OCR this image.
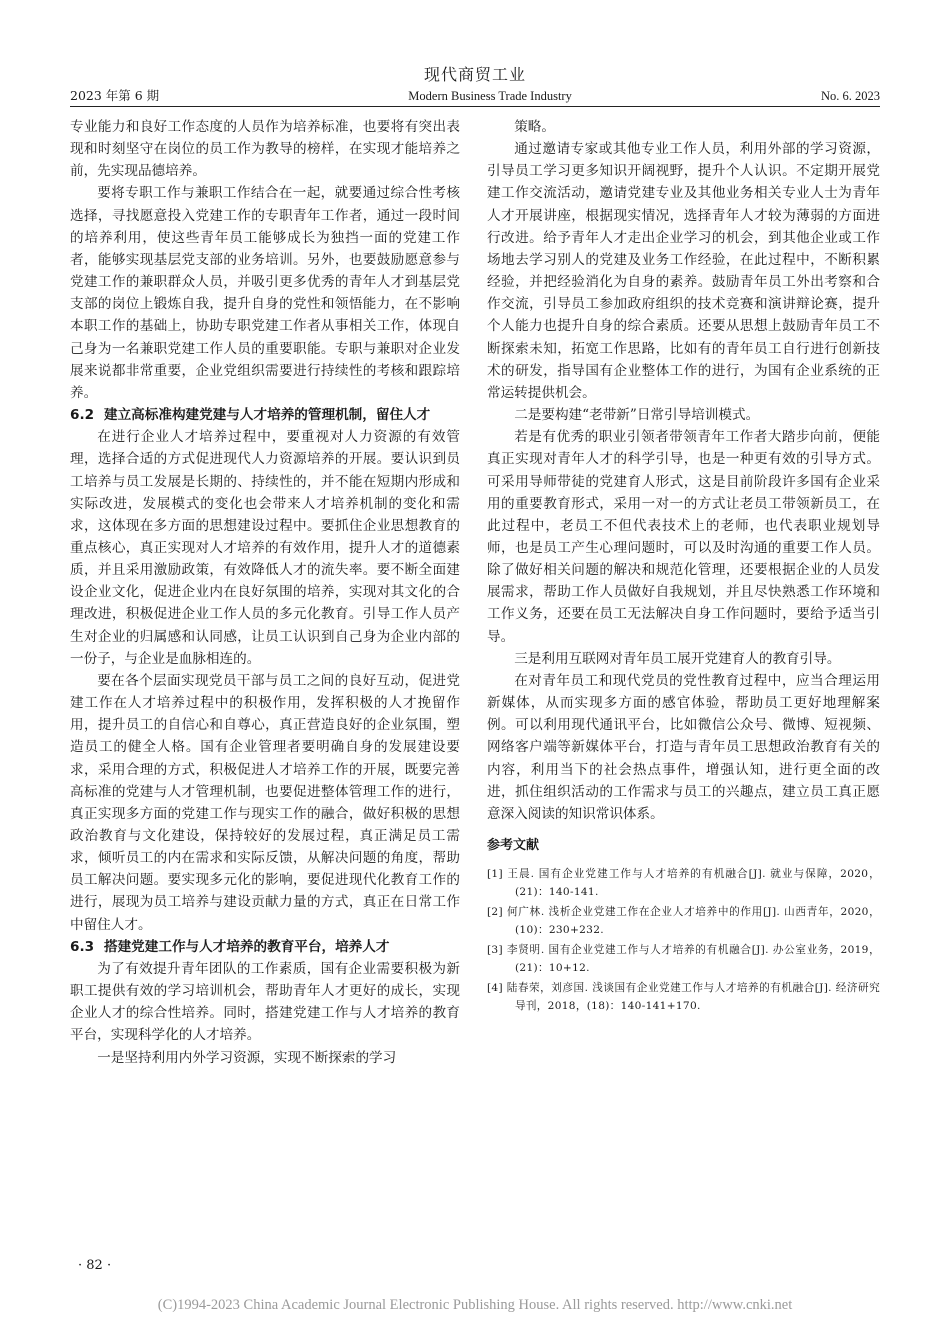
现代商贸工业
2023 年第 6 期	Modern Business Trade Industry	No. 6. 2023

专业能力和良好工作态度的人员作为培养标准，也要将有突出表现和时刻坚守在岗位的员工作为教导的榜样，在实现才能培养之前，先实现品德培养。

要将专职工作与兼职工作结合在一起，就要通过综合性考核选择，寻找愿意投入党建工作的专职青年工作者，通过一段时间的培养利用，使这些青年员工能够成长为独挡一面的党建工作者，能够实现基层党支部的业务培训。另外，也要鼓励愿意参与党建工作的兼职群众人员，并吸引更多优秀的青年人才到基层党支部的岗位上锻炼自我，提升自身的党性和领悟能力，在不影响本职工作的基础上，协助专职党建工作者从事相关工作，体现自己身为一名兼职党建工作人员的重要职能。专职与兼职对企业发展来说都非常重要，企业党组织需要进行持续性的考核和跟踪培养。

6.2 建立高标准构建党建与人才培养的管理机制，留住人才

在进行企业人才培养过程中，要重视对人力资源的有效管理，选择合适的方式促进现代人力资源培养的开展。要认识到员工培养与员工发展是长期的、持续性的，并不能在短期内形成和实际改进，发展模式的变化也会带来人才培养机制的变化和需求，这体现在多方面的思想建设过程中。要抓住企业思想教育的重点核心，真正实现对人才培养的有效作用，提升人才的道德素质，并且采用激励政策，有效降低人才的流失率。要不断全面建设企业文化，促进企业内在良好氛围的培养，实现对其文化的合理改进，积极促进企业工作人员的多元化教育。引导工作人员产生对企业的归属感和认同感，让员工认识到自己身为企业内部的一份子，与企业是血脉相连的。

要在各个层面实现党员干部与员工之间的良好互动，促进党建工作在人才培养过程中的积极作用，发挥积极的人才挽留作用，提升员工的自信心和自尊心，真正营造良好的企业氛围，塑造员工的健全人格。国有企业管理者要明确自身的发展建设要求，采用合理的方式，积极促进人才培养工作的开展，既要完善高标准的党建与人才管理机制，也要促进整体管理工作的进行，真正实现多方面的党建工作与现实工作的融合，做好积极的思想政治教育与文化建设，保持较好的发展过程，真正满足员工需求，倾听员工的内在需求和实际反馈，从解决问题的角度，帮助员工解决问题。要实现多元化的影响，要促进现代化教育工作的进行，展现为员工培养与建设贡献力量的方式，真正在日常工作中留住人才。

6.3 搭建党建工作与人才培养的教育平台，培养人才

为了有效提升青年团队的工作素质，国有企业需要积极为新职工提供有效的学习培训机会，帮助青年人才更好的成长，实现企业人才的综合性培养。同时，搭建党建工作与人才培养的教育平台，实现科学化的人才培养。

一是坚持利用内外学习资源，实现不断探索的学习

策略。

通过邀请专家或其他专业工作人员，利用外部的学习资源，引导员工学习更多知识开阔视野，提升个人认识。不定期开展党建工作交流活动，邀请党建专业及其他业务相关专业人士为青年人才开展讲座，根据现实情况，选择青年人才较为薄弱的方面进行改进。给予青年人才走出企业学习的机会，到其他企业或工作场地去学习别人的党建及业务工作经验，在此过程中，不断积累经验，并把经验消化为自身的素养。鼓励青年员工外出考察和合作交流，引导员工参加政府组织的技术竞赛和演讲辩论赛，提升个人能力也提升自身的综合素质。还要从思想上鼓励青年员工不断探索未知，拓宽工作思路，比如有的青年员工自行进行创新技术的研发，指导国有企业整体工作的进行，为国有企业系统的正常运转提供机会。

二是要构建“老带新”日常引导培训模式。

若是有优秀的职业引领者带领青年工作者大踏步向前，便能真正实现对青年人才的科学引导，也是一种更有效的引导方式。可采用导师带徒的党建育人形式，这是目前阶段许多国有企业采用的重要教育形式，采用一对一的方式让老员工带领新员工，在此过程中，老员工不但代表技术上的老师，也代表职业规划导师，也是员工产生心理问题时，可以及时沟通的重要工作人员。除了做好相关问题的解决和规范化管理，还要根据企业的人员发展需求，帮助工作人员做好自我规划，并且尽快熟悉工作环境和工作义务，还要在员工无法解决自身工作问题时，要给予适当引导。

三是利用互联网对青年员工展开党建育人的教育引导。

在对青年员工和现代党员的党性教育过程中，应当合理运用新媒体，从而实现多方面的感官体验，帮助员工更好地理解案例。可以利用现代通讯平台，比如微信公众号、微博、短视频、网络客户端等新媒体平台，打造与青年员工思想政治教育有关的内容，利用当下的社会热点事件，增强认知，进行更全面的改进，抓住组织活动的工作需求与员工的兴趣点，建立员工真正愿意深入阅读的知识常识体系。

参考文献
[1] 王晨. 国有企业党建工作与人才培养的有机融合[J]. 就业与保障，2020，(21)：140-141.
[2] 何广林. 浅析企业党建工作在企业人才培养中的作用[J]. 山西青年，2020，(10)：230+232.
[3] 李贤明. 国有企业党建工作与人才培养的有机融合[J]. 办公室业务，2019，(21)：10+12.
[4] 陆春荣，刘彦国. 浅谈国有企业党建工作与人才培养的有机融合[J]. 经济研究导刊，2018，(18)：140-141+170.
· 82 ·
(C)1994-2023 China Academic Journal Electronic Publishing House. All rights reserved. http://www.cnki.net
